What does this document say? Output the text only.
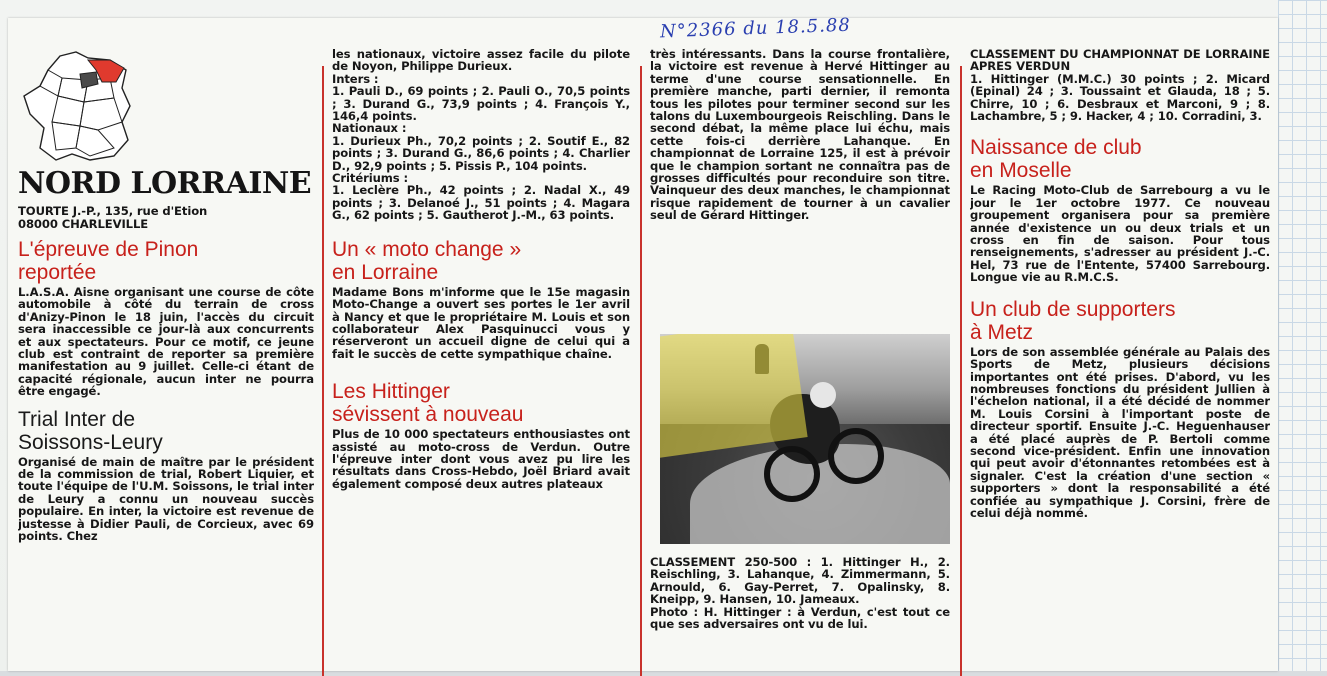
N°2366 du 18.5.88
NORD LORRAINE
TOURTE J.-P., 135, rue d'Etion
08000 CHARLEVILLE
L'épreuve de Pinon
reportée

L.A.S.A. Aisne organisant une course de côte automobile à côté du terrain de cross d'Anizy-Pinon le 18 juin, l'accès du circuit sera inaccessible ce jour-là aux concurrents et aux spectateurs. Pour ce motif, ce jeune club est contraint de reporter sa première manifestation au 9 juillet. Celle-ci étant de capacité régionale, aucun inter ne pourra être engagé.

Trial Inter de
Soissons-Leury

Organisé de main de maître par le président de la commission de trial, Robert Liquier, et toute l'équipe de l'U.M. Soissons, le trial inter de Leury a connu un nouveau succès populaire. En inter, la victoire est revenue de justesse à Didier Pauli, de Corcieux, avec 69 points. Chez

les nationaux, victoire assez facile du pilote de Noyon, Philippe Durieux.

Inters :

1. Pauli D., 69 points ; 2. Pauli O., 70,5 points ; 3. Durand G., 73,9 points ; 4. François Y., 146,4 points.

Nationaux :

1. Durieux Ph., 70,2 points ; 2. Soutif E., 82 points ; 3. Durand G., 86,6 points ; 4. Charlier D., 92,9 points ; 5. Pissis P., 104 points.

Critériums :

1. Leclère Ph., 42 points ; 2. Nadal X., 49 points ; 3. Delanoé J., 51 points ; 4. Magara G., 62 points ; 5. Gautherot J.-M., 63 points.

Un « moto change »
en Lorraine

Madame Bons m'informe que le 15e magasin Moto-Change a ouvert ses portes le 1er avril à Nancy et que le propriétaire M. Louis et son collaborateur Alex Pasquinucci vous y réserveront un accueil digne de celui qui a fait le succès de cette sympathique chaîne.

Les Hittinger
sévissent à nouveau

Plus de 10 000 spectateurs enthousiastes ont assisté au moto-cross de Verdun. Outre l'épreuve inter dont vous avez pu lire les résultats dans Cross-Hebdo, Joël Briard avait également composé deux autres plateaux

très intéressants. Dans la course frontalière, la victoire est revenue à Hervé Hittinger au terme d'une course sensationnelle. En première manche, parti dernier, il remonta tous les pilotes pour terminer second sur les talons du Luxembourgeois Reischling. Dans le second débat, la même place lui échu, mais cette fois-ci derrière Lahanque. En championnat de Lorraine 125, il est à prévoir que le champion sortant ne connaîtra pas de grosses difficultés pour reconduire son titre. Vainqueur des deux manches, le championnat risque rapidement de tourner à un cavalier seul de Gérard Hittinger.

CLASSEMENT 250-500 : 1. Hittinger H., 2. Reischling, 3. Lahanque, 4. Zimmermann, 5. Arnould, 6. Gay-Perret, 7. Opalinsky, 8. Kneipp, 9. Hansen, 10. Jameaux.

Photo : H. Hittinger : à Verdun, c'est tout ce que ses adversaires ont vu de lui.

CLASSEMENT DU CHAMPIONNAT DE LORRAINE APRES VERDUN

1. Hittinger (M.M.C.) 30 points ; 2. Micard (Epinal) 24 ; 3. Toussaint et Glauda, 18 ; 5. Chirre, 10 ; 6. Desbraux et Marconi, 9 ; 8. Lachambre, 5 ; 9. Hacker, 4 ; 10. Corradini, 3.

Naissance de club
en Moselle

Le Racing Moto-Club de Sarrebourg a vu le jour le 1er octobre 1977. Ce nouveau groupement organisera pour sa première année d'existence un ou deux trials et un cross en fin de saison. Pour tous renseignements, s'adresser au président J.-C. Hel, 73 rue de l'Entente, 57400 Sarrebourg. Longue vie au R.M.C.S.

Un club de supporters
à Metz

Lors de son assemblée générale au Palais des Sports de Metz, plusieurs décisions importantes ont été prises. D'abord, vu les nombreuses fonctions du président Jullien à l'échelon national, il a été décidé de nommer M. Louis Corsini à l'important poste de directeur sportif. Ensuite J.-C. Heguenhauser a été placé auprès de P. Bertoli comme second vice-président. Enfin une innovation qui peut avoir d'étonnantes retombées est à signaler. C'est la création d'une section « supporters » dont la responsabilité a été confiée au sympathique J. Corsini, frère de celui déjà nommé.
